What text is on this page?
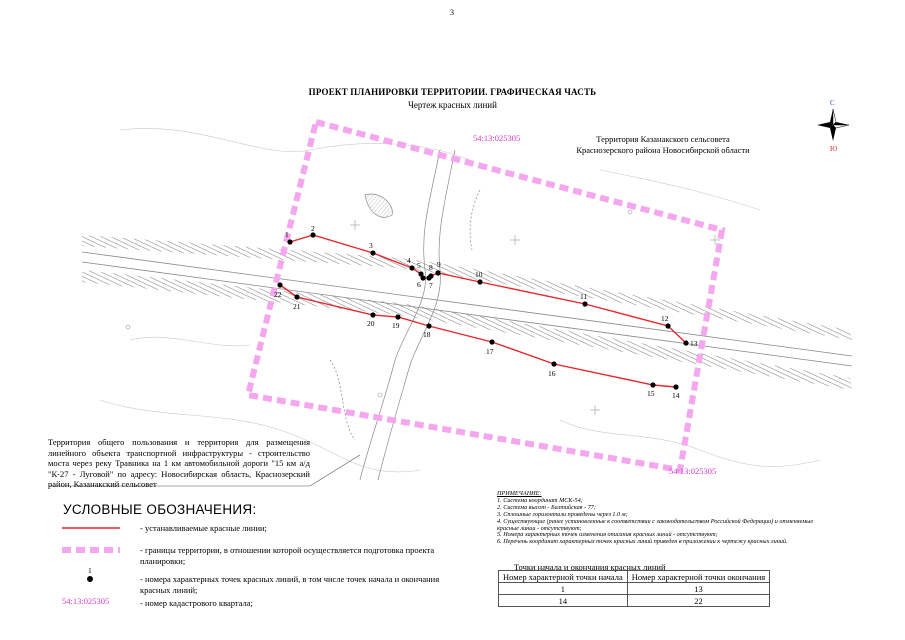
3
ПРОЕКТ ПЛАНИРОВКИ ТЕРРИТОРИИ. ГРАФИЧЕСКАЯ ЧАСТЬ
Чертеж красных линий
54:13:025305
54:13:025305
1
2
3
4
5
6 7
8 9
10
11
12
13
14
15
16
17
18
19
20
21
22
С
Ю
1
54:13:025305
Территория Казанакского сельсовета
Краснозерского района Новосибирской области
Территория общего пользования и территория для размещения линейного объекта транспортной инфраструктуры - строительство моста через реку Травника на 1 км автомобильной дороги "15 км а/д "К-27 - Луговой" по адресу: Новосибирская область, Краснозерский район, Казанакский сельсовет
УСЛОВНЫЕ ОБОЗНАЧЕНИЯ:
- устанавливаемые красные линии;
- границы территории, в отношении которой осуществляется подготовка проекта планировки;
- номера характерных точек красных линий, в том числе точек начала и окончания красных линий;
- номер кадастрового квартала;
ПРИМЕЧАНИЕ:
1. Система координат МСК-54;
2. Система высот - Балтийская - 77;
3. Сплошные горизонтали проведены через 1.0 м;
4. Существующие (ранее установленные в соответствии с законодательством Российской Федерации) и отменяемые красные линии - отсутствуют;
5. Номера характерных точек изменения описания красных линий - отсутствуют;
6. Перечень координат характерных точек красных линий приведен в приложении к чертежу красных линий.
Точки начала и окончания красных линий
Номер характерной точки начала	Номер характерной точки окончания
1	13
14	22
